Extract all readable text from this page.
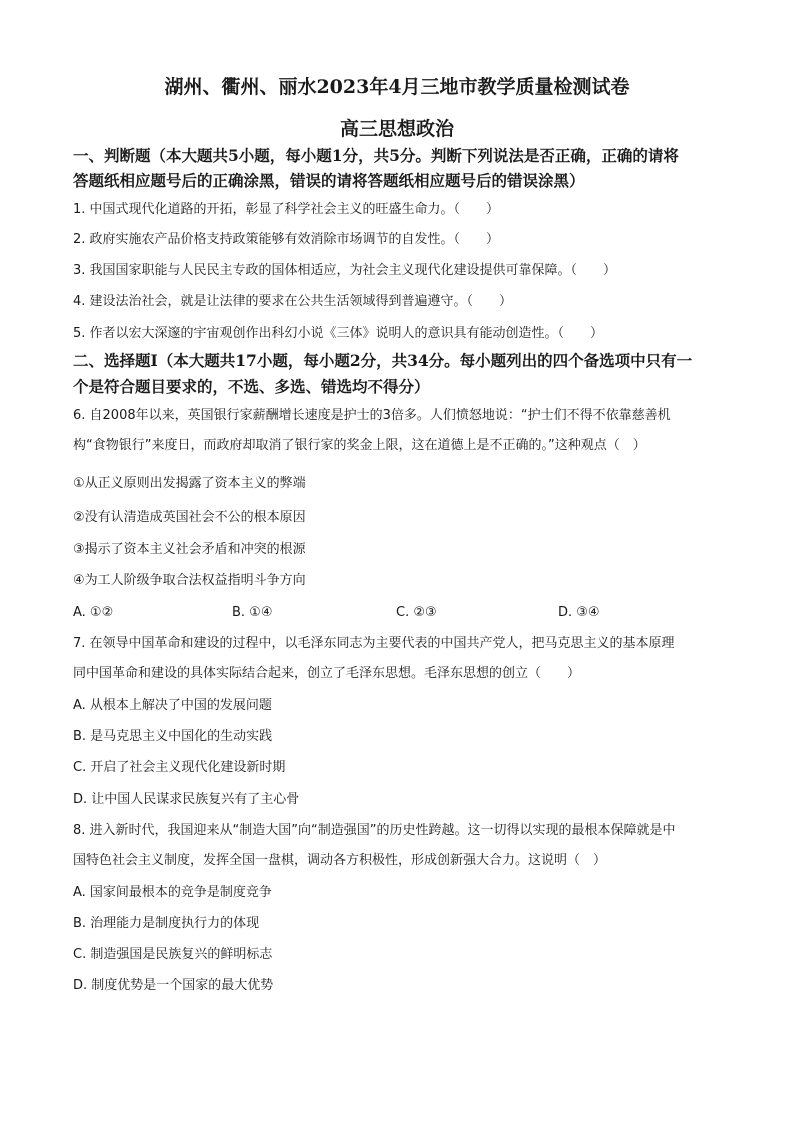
湖州、衢州、丽水2023年4月三地市教学质量检测试卷
高三思想政治
一、判断题（本大题共5小题，每小题1分，共5分。判断下列说法是否正确，正确的请将
答题纸相应题号后的正确涂黑，错误的请将答题纸相应题号后的错误涂黑）
1. 中国式现代化道路的开拓，彰显了科学社会主义的旺盛生命力。（　　）
2. 政府实施农产品价格支持政策能够有效消除市场调节的自发性。（　　）
3. 我国国家职能与人民民主专政的国体相适应，为社会主义现代化建设提供可靠保障。（　　）
4. 建设法治社会，就是让法律的要求在公共生活领域得到普遍遵守。（　　）
5. 作者以宏大深邃的宇宙观创作出科幻小说《三体》说明人的意识具有能动创造性。（　　）
二、选择题Ⅰ（本大题共17小题，每小题2分，共34分。每小题列出的四个备选项中只有一
个是符合题目要求的，不选、多选、错选均不得分）
6. 自2008年以来，英国银行家薪酬增长速度是护士的3倍多。人们愤怒地说：“护士们不得不依靠慈善机
构“食物银行”来度日，而政府却取消了银行家的奖金上限，这在道德上是不正确的。”这种观点（　）
①从正义原则出发揭露了资本主义的弊端
②没有认清造成英国社会不公的根本原因
③揭示了资本主义社会矛盾和冲突的根源
④为工人阶级争取合法权益指明斗争方向
A. ①②	B. ①④	C. ②③	D. ③④
7. 在领导中国革命和建设的过程中，以毛泽东同志为主要代表的中国共产党人，把马克思主义的基本原理
同中国革命和建设的具体实际结合起来，创立了毛泽东思想。毛泽东思想的创立（　　）
A. 从根本上解决了中国的发展问题
B. 是马克思主义中国化的生动实践
C. 开启了社会主义现代化建设新时期
D. 让中国人民谋求民族复兴有了主心骨
8. 进入新时代，我国迎来从“制造大国”向“制造强国”的历史性跨越。这一切得以实现的最根本保障就是中
国特色社会主义制度，发挥全国一盘棋，调动各方积极性，形成创新强大合力。这说明（　）
A. 国家间最根本的竞争是制度竞争
B. 治理能力是制度执行力的体现
C. 制造强国是民族复兴的鲜明标志
D. 制度优势是一个国家的最大优势
